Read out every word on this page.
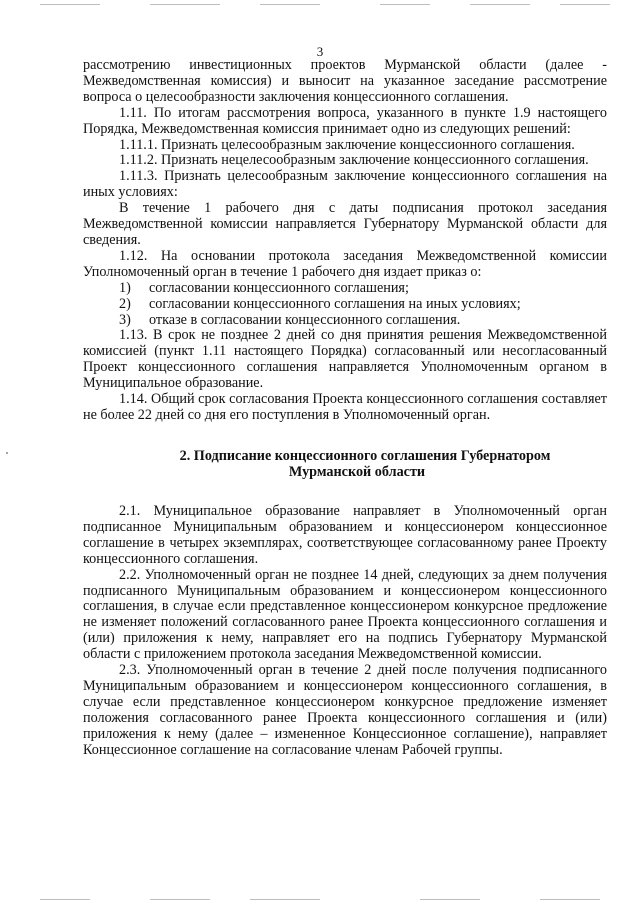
3

рассмотрению инвестиционных проектов Мурманской области (далее - Межведомственная комиссия) и выносит на указанное заседание рассмотрение вопроса о целесообразности заключения концессионного соглашения.

1.11. По итогам рассмотрения вопроса, указанного в пункте 1.9 настоящего Порядка, Межведомственная комиссия принимает одно из следующих решений:

1.11.1. Признать целесообразным заключение концессионного соглашения.

1.11.2. Признать нецелесообразным заключение концессионного соглашения.

1.11.3. Признать целесообразным заключение концессионного соглашения на иных условиях:

В течение 1 рабочего дня с даты подписания протокол заседания Межведомственной комиссии направляется Губернатору Мурманской области для сведения.

1.12. На основании протокола заседания Межведомственной комиссии Уполномоченный орган в течение 1 рабочего дня издает приказ о:

1)	согласовании концессионного соглашения;
2)	согласовании концессионного соглашения на иных условиях;
3)	отказе в согласовании концессионного соглашения.

1.13. В срок не позднее 2 дней со дня принятия решения Межведомственной комиссией (пункт 1.11 настоящего Порядка) согласованный или несогласованный Проект концессионного соглашения направляется Уполномоченным органом в Муниципальное образование.

1.14. Общий срок согласования Проекта концессионного соглашения составляет не более 22 дней со дня его поступления в Уполномоченный орган.

2. Подписание концессионного соглашения Губернатором
Мурманской области

2.1. Муниципальное образование направляет в Уполномоченный орган подписанное Муниципальным образованием и концессионером концессионное соглашение в четырех экземплярах, соответствующее согласованному ранее Проекту концессионного соглашения.

2.2. Уполномоченный орган не позднее 14 дней, следующих за днем получения подписанного Муниципальным образованием и концессионером концессионного соглашения, в случае если представленное концессионером конкурсное предложение не изменяет положений согласованного ранее Проекта концессионного соглашения и (или) приложения к нему, направляет его на подпись Губернатору Мурманской области с приложением протокола заседания Межведомственной комиссии.

2.3. Уполномоченный орган в течение 2 дней после получения подписанного Муниципальным образованием и концессионером концессионного соглашения, в случае если представленное концессионером конкурсное предложение изменяет положения согласованного ранее Проекта концессионного соглашения и (или) приложения к нему (далее – измененное Концессионное соглашение), направляет Концессионное соглашение на согласование членам Рабочей группы.
